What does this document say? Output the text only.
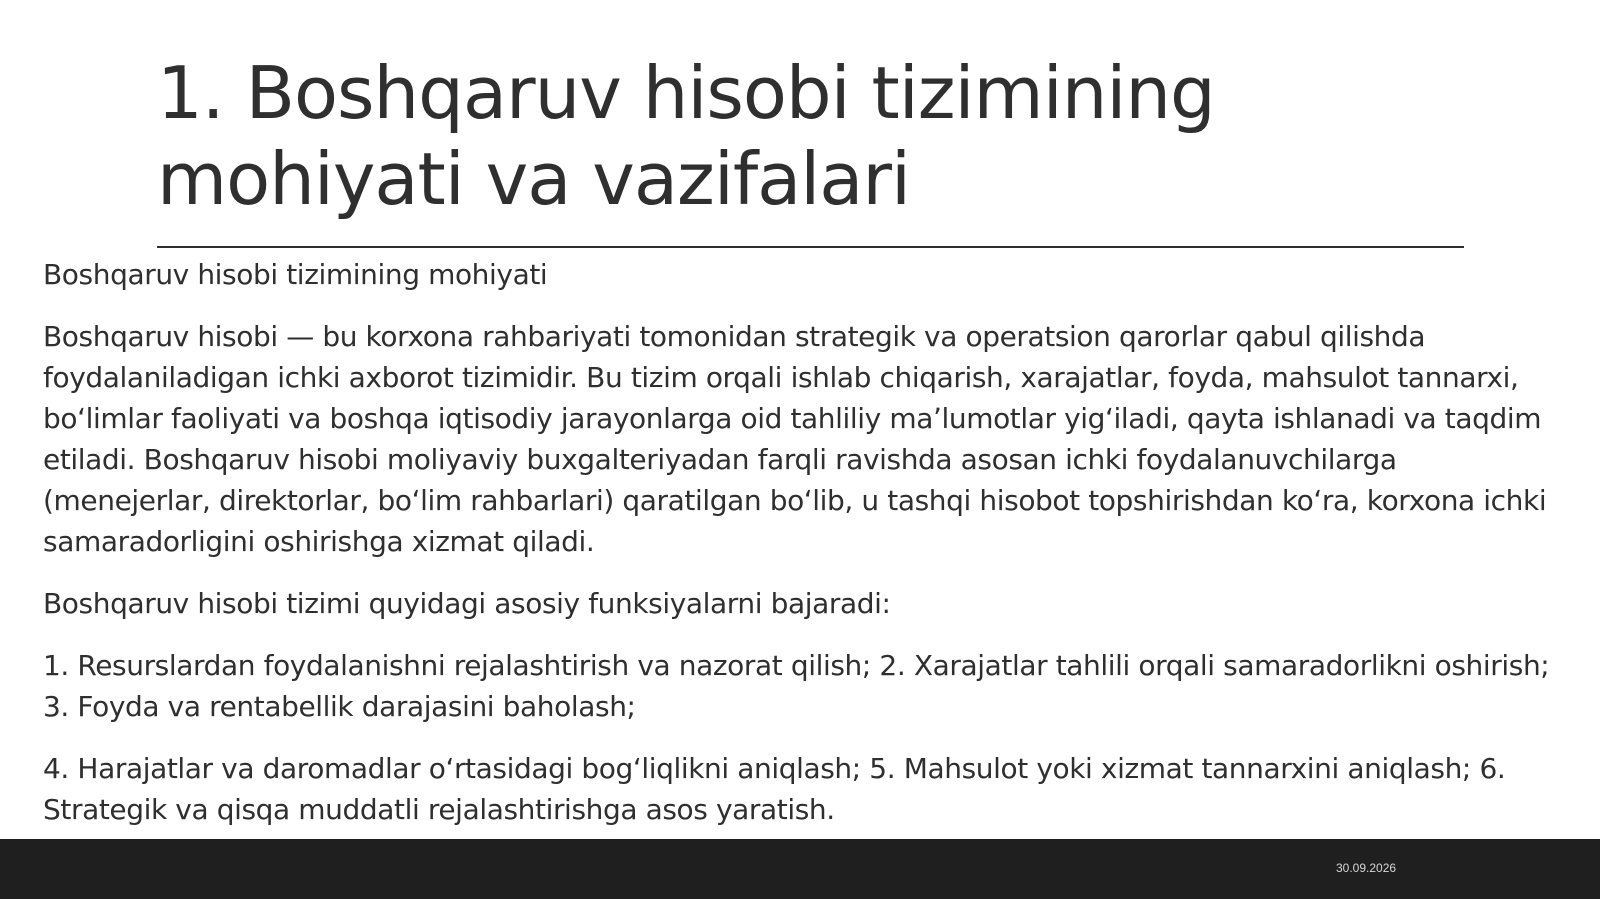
1. Boshqaruv hisobi tizimining mohiyati va vazifalari

Boshqaruv hisobi tizimining mohiyati

Boshqaruv hisobi — bu korxona rahbariyati tomonidan strategik va operatsion qarorlar qabul qilishda foydalaniladigan ichki axborot tizimidir. Bu tizim orqali ishlab chiqarish, xarajatlar, foyda, mahsulot tannarxi, boʻlimlar faoliyati va boshqa iqtisodiy jarayonlarga oid tahliliy maʼlumotlar yigʻiladi, qayta ishlanadi va taqdim etiladi. Boshqaruv hisobi moliyaviy buxgalteriyadan farqli ravishda asosan ichki foydalanuvchilarga (menejerlar, direktorlar, boʻlim rahbarlari) qaratilgan boʻlib, u tashqi hisobot topshirishdan koʻra, korxona ichki samaradorligini oshirishga xizmat qiladi.

Boshqaruv hisobi tizimi quyidagi asosiy funksiyalarni bajaradi:

1. Resurslardan foydalanishni rejalashtirish va nazorat qilish; 2. Xarajatlar tahlili orqali samaradorlikni oshirish; 3. Foyda va rentabellik darajasini baholash;

4. Harajatlar va daromadlar oʻrtasidagi bogʻliqlikni aniqlash; 5. Mahsulot yoki xizmat tannarxini aniqlash; 6. Strategik va qisqa muddatli rejalashtirishga asos yaratish.

30.09.2026
